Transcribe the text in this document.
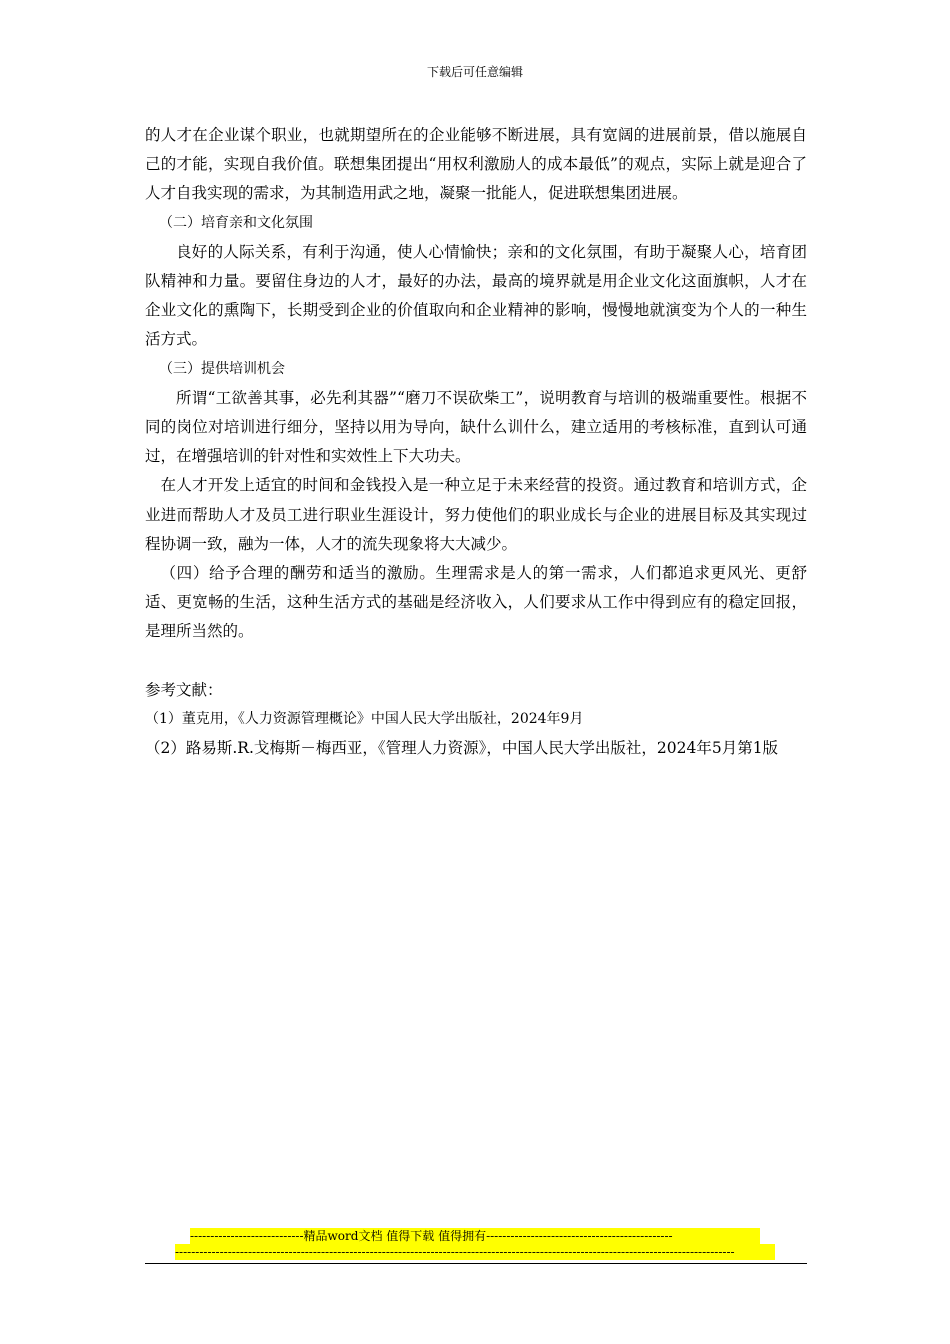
下载后可任意编辑

的人才在企业谋个职业，也就期望所在的企业能够不断进展，具有宽阔的进展前景，借以施展自己的才能，实现自我价值。联想集团提出“用权利激励人的成本最低”的观点，实际上就是迎合了人才自我实现的需求，为其制造用武之地，凝聚一批能人，促进联想集团进展。

（二）培育亲和文化氛围

良好的人际关系，有利于沟通，使人心情愉快；亲和的文化氛围，有助于凝聚人心，培育团队精神和力量。要留住身边的人才，最好的办法，最高的境界就是用企业文化这面旗帜，人才在企业文化的熏陶下，长期受到企业的价值取向和企业精神的影响，慢慢地就演变为个人的一种生活方式。

（三）提供培训机会

所谓“工欲善其事，必先利其器”“磨刀不误砍柴工”，说明教育与培训的极端重要性。根据不同的岗位对培训进行细分，坚持以用为导向，缺什么训什么，建立适用的考核标准，直到认可通过，在增强培训的针对性和实效性上下大功夫。

在人才开发上适宜的时间和金钱投入是一种立足于未来经营的投资。通过教育和培训方式，企业进而帮助人才及员工进行职业生涯设计，努力使他们的职业成长与企业的进展目标及其实现过程协调一致，融为一体，人才的流失现象将大大减少。

（四）给予合理的酬劳和适当的激励。生理需求是人的第一需求，人们都追求更风光、更舒适、更宽畅的生活，这种生活方式的基础是经济收入，人们要求从工作中得到应有的稳定回报，是理所当然的。

参考文献：

（1）董克用，《人力资源管理概论》中国人民大学出版社，2024年9月

（2）路易斯.R.戈梅斯－梅西亚，《管理人力资源》，中国人民大学出版社，2024年5月第1版

----------------------------精品word文档 值得下载 值得拥有----------------------------------------------
------------------------------------------------------------------------------------------------------------------------------------------
